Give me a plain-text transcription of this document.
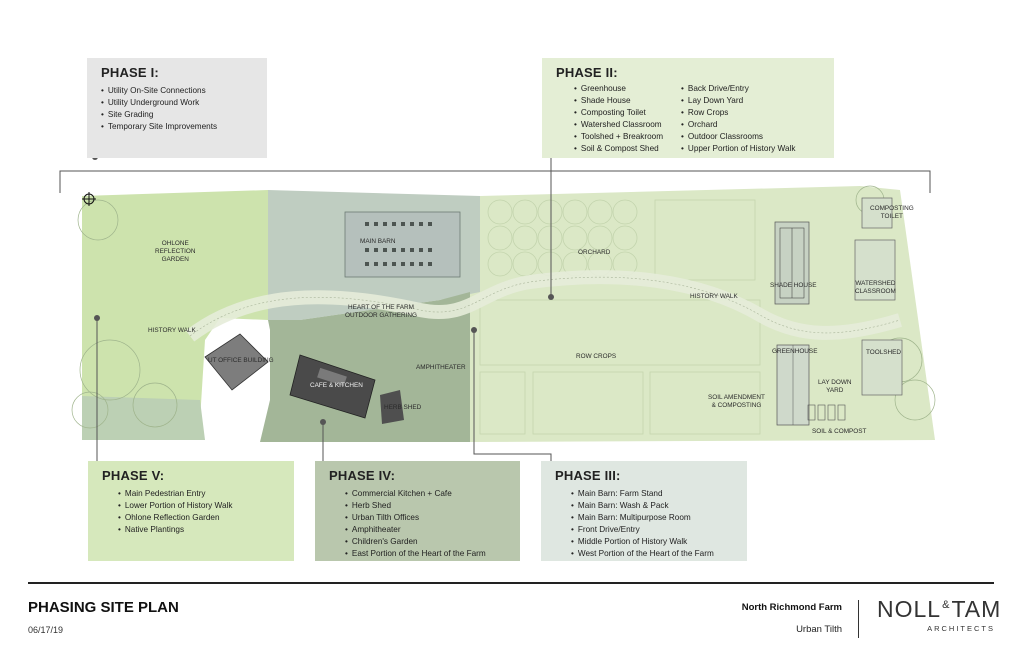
OHLONE
REFLECTION
GARDEN
HISTORY WALK
MAIN BARN
HEART OF THE FARM
OUTDOOR GATHERING
ORCHARD
HISTORY WALK
COMPOSTING
TOILET
SHADE HOUSE	WATERSHED
CLASSROOM
UT OFFICE BUILDING
CAFE & KITCHEN
AMPHITHEATER
HERB SHED
ROW CROPS
GREENHOUSE
LAY DOWN
YARD
TOOLSHED
SOIL AMENDMENT
& COMPOSTING
SOIL & COMPOST
PHASE I:
• Utility On-Site Connections
• Utility Underground Work
• Site Grading
• Temporary Site Improvements
PHASE II:
• Greenhouse
• Shade House
• Composting Toilet
• Watershed Classroom
• Toolshed + Breakroom
• Soil & Compost Shed
• Back Drive/Entry
• Lay Down Yard
• Row Crops
• Orchard
• Outdoor Classrooms
• Upper Portion of History Walk
PHASE V:
• Main Pedestrian Entry
• Lower Portion of History Walk
• Ohlone Reflection Garden
• Native Plantings
PHASE IV:
• Commercial Kitchen + Cafe
• Herb Shed
• Urban Tilth Offices
• Amphitheater
• Children's Garden
• East Portion of the Heart of the Farm
PHASE III:
• Main Barn: Farm Stand
• Main Barn: Wash & Pack
• Main Barn: Multipurpose Room
• Front Drive/Entry
• Middle Portion of History Walk
• West Portion of the Heart of the Farm
PHASING SITE PLAN
06/17/19
North Richmond Farm
Urban Tilth
NOLL&TAM
ARCHITECTS
